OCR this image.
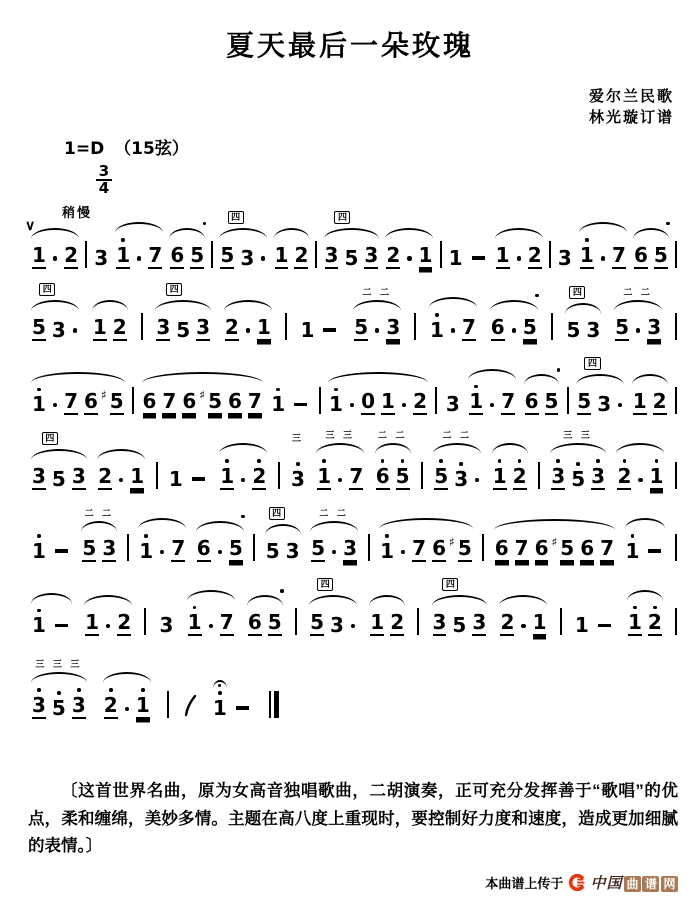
夏天最后一朵玫瑰
爱尔兰民歌
林光璇订谱
1=D （15弦）
3
4
稍慢
∨
1 2 3 1 7 6 5
四
5 3 1 2
四
3 5 3 2 1 1 1 2 3 1 7 6 5
四
5 3 1 2
四
3 5 3 2 1 1
二 二
5 3 1 7 6 5
四
5 3
二 二
5 3
1 7 6 ♯ 5 6 7 6 ♯ 5 6 7 1 1 0 1 2 3 1 7 6 5
四
5 3 1 2
四
3 5 3 2 1 1 1 2
三
3
三 三
1 7
二 二
6 5
二 二
5 3 1 2
三 三
3 5 3 2 1
1
二 二
5 3 1 7 6 5
四
5 3
二 二
5 3 1 7 6 ♯ 5 6 7 6 ♯ 5 6 7 1
1 1 2 3 1 7 6 5
四
5 3 1 2
四
3 5 3 2 1 1 1 2
三 三 三
3 5 3 2 1	1

〔这首世界名曲，原为女高音独唱歌曲，二胡演奏，正可充分发挥善于“歌唱”的优点，柔和缠绵，美妙多情。主题在高八度上重现时，要控制好力度和速度，造成更加细腻的表情。〕

本曲谱上传于 中国 曲 谱 网
